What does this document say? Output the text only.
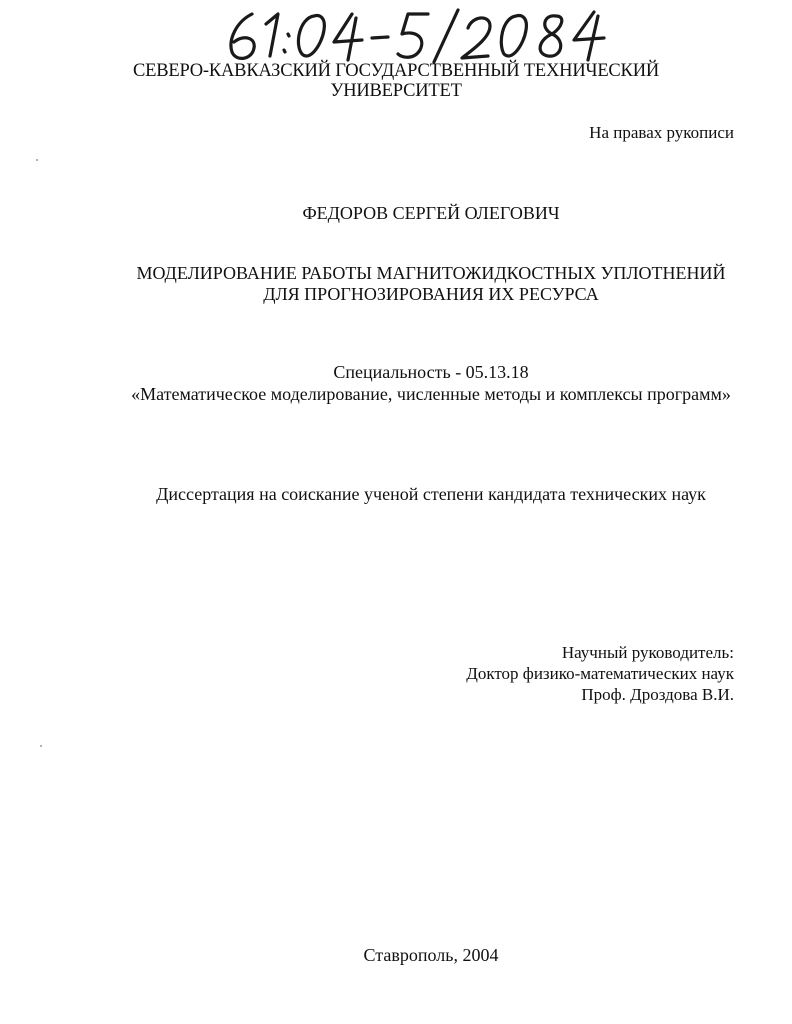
СЕВЕРО-КАВКАЗСКИЙ ГОСУДАРСТВЕННЫЙ ТЕХНИЧЕСКИЙ
УНИВЕРСИТЕТ
На правах рукописи
ФЕДОРОВ СЕРГЕЙ ОЛЕГОВИЧ
МОДЕЛИРОВАНИЕ РАБОТЫ МАГНИТОЖИДКОСТНЫХ УПЛОТНЕНИЙ
ДЛЯ ПРОГНОЗИРОВАНИЯ ИХ РЕСУРСА
Специальность - 05.13.18
«Математическое моделирование, численные методы и комплексы программ»
Диссертация на соискание ученой степени кандидата технических наук
Научный руководитель:
Доктор физико-математических наук
Проф. Дроздова В.И.
Ставрополь, 2004
